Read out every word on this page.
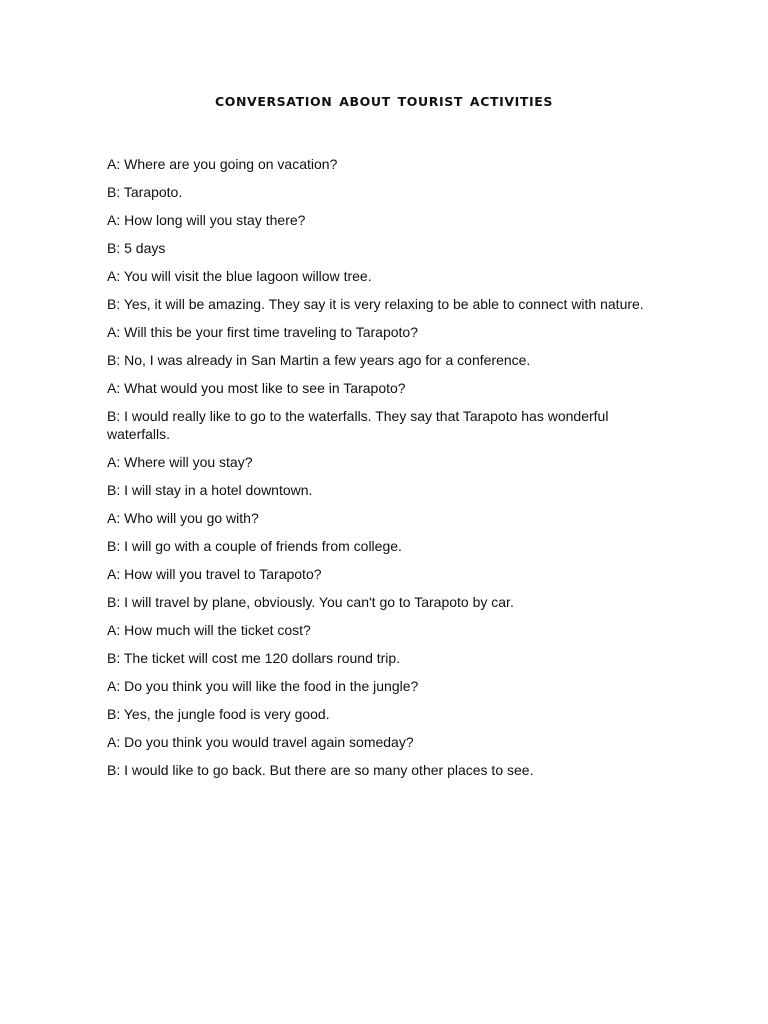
CONVERSATION ABOUT TOURIST ACTIVITIES
A: Where are you going on vacation?
B: Tarapoto.
A: How long will you stay there?
B: 5 days
A: You will visit the blue lagoon willow tree.
B: Yes, it will be amazing. They say it is very relaxing to be able to connect with nature.
A: Will this be your first time traveling to Tarapoto?
B: No, I was already in San Martin a few years ago for a conference.
A: What would you most like to see in Tarapoto?
B: I would really like to go to the waterfalls. They say that Tarapoto has wonderful waterfalls.
A: Where will you stay?
B: I will stay in a hotel downtown.
A: Who will you go with?
B: I will go with a couple of friends from college.
A: How will you travel to Tarapoto?
B: I will travel by plane, obviously. You can't go to Tarapoto by car.
A: How much will the ticket cost?
B: The ticket will cost me 120 dollars round trip.
A: Do you think you will like the food in the jungle?
B: Yes, the jungle food is very good.
A: Do you think you would travel again someday?
B: I would like to go back. But there are so many other places to see.
